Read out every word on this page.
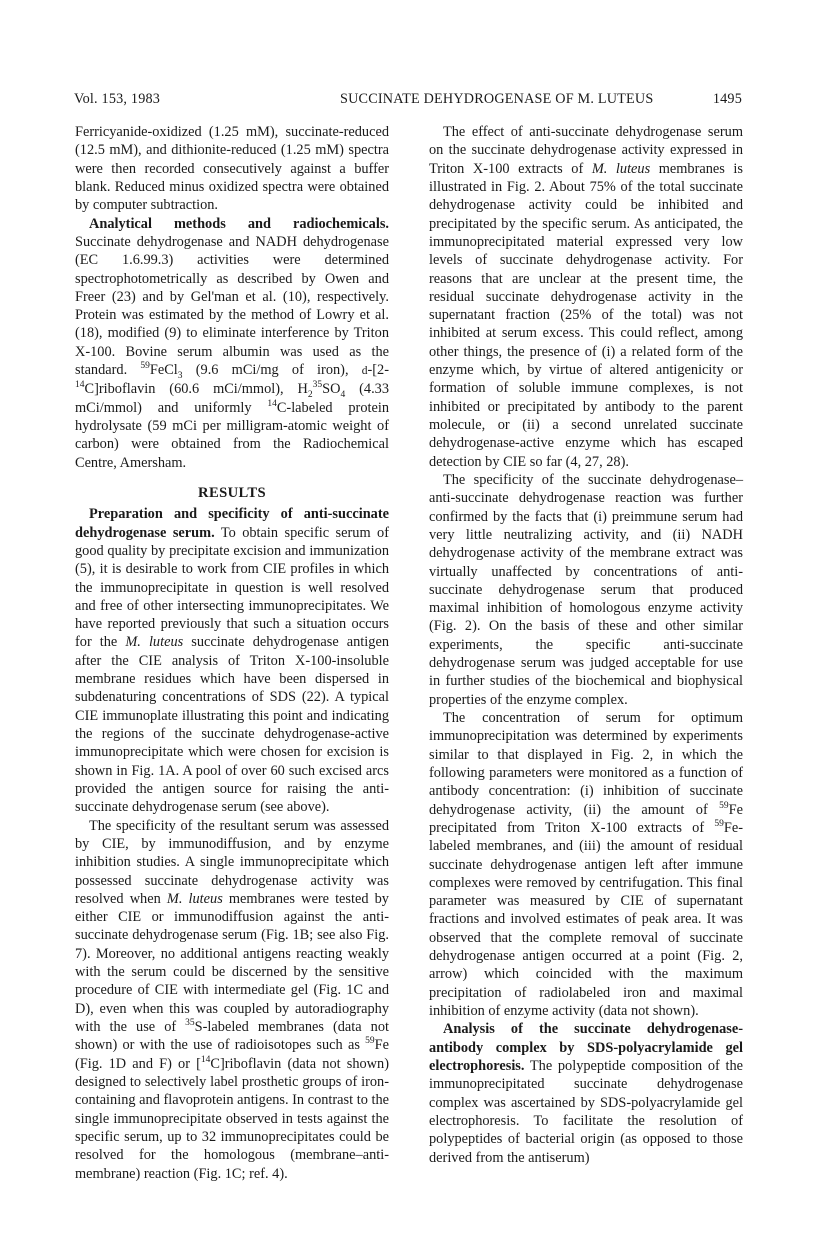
Vol. 153, 1983	SUCCINATE DEHYDROGENASE OF M. LUTEUS	1495

Ferricyanide-oxidized (1.25 mM), succinate-reduced (12.5 mM), and dithionite-reduced (1.25 mM) spectra were then recorded consecutively against a buffer blank. Reduced minus oxidized spectra were obtained by computer subtraction.

Analytical methods and radiochemicals. Succinate dehydrogenase and NADH dehydrogenase (EC 1.6.99.3) activities were determined spectrophotometrically as described by Owen and Freer (23) and by Gel'man et al. (10), respectively. Protein was estimated by the method of Lowry et al. (18), modified (9) to eliminate interference by Triton X-100. Bovine serum albumin was used as the standard. $^{59}$FeCl$_3$ (9.6 mCi/mg of iron), d-[2-$^{14}$C]riboflavin (60.6 mCi/mmol), $H_2^{35}SO_4$ (4.33 mCi/mmol) and uniformly $^{14}$C-labeled protein hydrolysate (59 mCi per milligram-atomic weight of carbon) were obtained from the Radiochemical Centre, Amersham.

RESULTS

Preparation and specificity of anti-succinate dehydrogenase serum. To obtain specific serum of good quality by precipitate excision and immunization (5), it is desirable to work from CIE profiles in which the immunoprecipitate in question is well resolved and free of other intersecting immunoprecipitates. We have reported previously that such a situation occurs for the M. luteus succinate dehydrogenase antigen after the CIE analysis of Triton X-100-insoluble membrane residues which have been dispersed in subdenaturing concentrations of SDS (22). A typical CIE immunoplate illustrating this point and indicating the regions of the succinate dehydrogenase-active immunoprecipitate which were chosen for excision is shown in Fig. 1A. A pool of over 60 such excised arcs provided the antigen source for raising the anti-succinate dehydrogenase serum (see above).

The specificity of the resultant serum was assessed by CIE, by immunodiffusion, and by enzyme inhibition studies. A single immunoprecipitate which possessed succinate dehydrogenase activity was resolved when M. luteus membranes were tested by either CIE or immunodiffusion against the anti-succinate dehydrogenase serum (Fig. 1B; see also Fig. 7). Moreover, no additional antigens reacting weakly with the serum could be discerned by the sensitive procedure of CIE with intermediate gel (Fig. 1C and D), even when this was coupled by autoradiography with the use of $^{35}$S-labeled membranes (data not shown) or with the use of radioisotopes such as $^{59}$Fe (Fig. 1D and F) or [$^{14}$C]riboflavin (data not shown) designed to selectively label prosthetic groups of iron-containing and flavoprotein antigens. In contrast to the single immunoprecipitate observed in tests against the specific serum, up to 32 immunoprecipitates could be resolved for the homologous (membrane–anti-membrane) reaction (Fig. 1C; ref. 4).

The effect of anti-succinate dehydrogenase serum on the succinate dehydrogenase activity expressed in Triton X-100 extracts of M. luteus membranes is illustrated in Fig. 2. About 75% of the total succinate dehydrogenase activity could be inhibited and precipitated by the specific serum. As anticipated, the immunoprecipitated material expressed very low levels of succinate dehydrogenase activity. For reasons that are unclear at the present time, the residual succinate dehydrogenase activity in the supernatant fraction (25% of the total) was not inhibited at serum excess. This could reflect, among other things, the presence of (i) a related form of the enzyme which, by virtue of altered antigenicity or formation of soluble immune complexes, is not inhibited or precipitated by antibody to the parent molecule, or (ii) a second unrelated succinate dehydrogenase-active enzyme which has escaped detection by CIE so far (4, 27, 28).

The specificity of the succinate dehydrogenase–anti-succinate dehydrogenase reaction was further confirmed by the facts that (i) preimmune serum had very little neutralizing activity, and (ii) NADH dehydrogenase activity of the membrane extract was virtually unaffected by concentrations of anti-succinate dehydrogenase serum that produced maximal inhibition of homologous enzyme activity (Fig. 2). On the basis of these and other similar experiments, the specific anti-succinate dehydrogenase serum was judged acceptable for use in further studies of the biochemical and biophysical properties of the enzyme complex.

The concentration of serum for optimum immunoprecipitation was determined by experiments similar to that displayed in Fig. 2, in which the following parameters were monitored as a function of antibody concentration: (i) inhibition of succinate dehydrogenase activity, (ii) the amount of $^{59}$Fe precipitated from Triton X-100 extracts of $^{59}$Fe-labeled membranes, and (iii) the amount of residual succinate dehydrogenase antigen left after immune complexes were removed by centrifugation. This final parameter was measured by CIE of supernatant fractions and involved estimates of peak area. It was observed that the complete removal of succinate dehydrogenase antigen occurred at a point (Fig. 2, arrow) which coincided with the maximum precipitation of radiolabeled iron and maximal inhibition of enzyme activity (data not shown).

Analysis of the succinate dehydrogenase-antibody complex by SDS-polyacrylamide gel electrophoresis. The polypeptide composition of the immunoprecipitated succinate dehydrogenase complex was ascertained by SDS-polyacrylamide gel electrophoresis. To facilitate the resolution of polypeptides of bacterial origin (as opposed to those derived from the antiserum)
